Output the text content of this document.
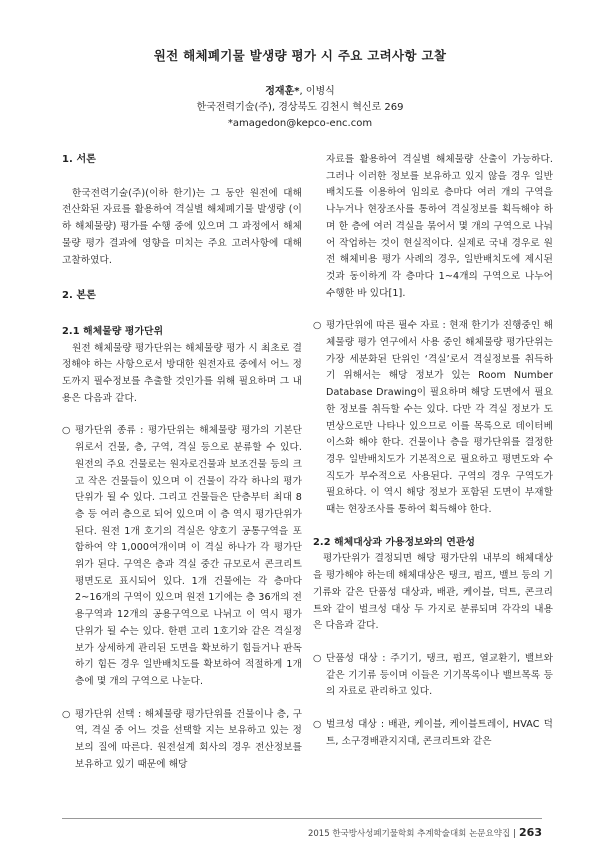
원전 해체폐기물 발생량 평가 시 주요 고려사항 고찰
정재훈*, 이병식
한국전력기술(주), 경상북도 김천시 혁신로 269
*amagedon@kepco-enc.com

1. 서론

한국전력기술(주)(이하 한기)는 그 동안 원전에 대해 전산화된 자료를 활용하여 격실별 해체폐기물 발생량 (이하 해체물량) 평가를 수행 중에 있으며 그 과정에서 해체물량 평가 결과에 영향을 미치는 주요 고려사항에 대해 고찰하였다.

2. 본론

2.1 해체물량 평가단위

원전 해체물량 평가단위는 해체물량 평가 시 최초로 결정해야 하는 사항으로서 방대한 원전자료 중에서 어느 정도까지 필수정보를 추출할 것인가를 위해 필요하며 그 내용은 다음과 같다.

○ 평가단위 종류 : 평가단위는 해체물량 평가의 기본단위로서 건물, 층, 구역, 격실 등으로 분류할 수 있다. 원전의 주요 건물로는 원자로건물과 보조건물 등의 크고 작은 건물들이 있으며 이 건물이 각각 하나의 평가단위가 될 수 있다. 그리고 건물들은 단층부터 최대 8층 등 여러 층으로 되어 있으며 이 층 역시 평가단위가 된다. 원전 1개 호기의 격실은 양호기 공통구역을 포함하여 약 1,000여개이며 이 격실 하나가 각 평가단위가 된다. 구역은 층과 격실 중간 규모로서 콘크리트 평면도로 표시되어 있다. 1개 건물에는 각 층마다 2~16개의 구역이 있으며 원전 1기에는 층 36개의 전용구역과 12개의 공용구역으로 나뉘고 이 역시 평가단위가 될 수는 있다. 한편 고리 1호기와 같은 격실정보가 상세하게 관리된 도면을 확보하기 힘들거나 판독하기 힘든 경우 일반배치도를 확보하여 적절하게 1개 층에 몇 개의 구역으로 나눈다.
○ 평가단위 선택 : 해체물량 평가단위를 건물이나 층, 구역, 격실 중 어느 것을 선택할 지는 보유하고 있는 정보의 질에 따른다. 원전설계 회사의 경우 전산정보를 보유하고 있기 때문에 해당

자료를 활용하여 격실별 해체물량 산출이 가능하다. 그러나 이러한 정보를 보유하고 있지 않을 경우 일반배치도를 이용하여 임의로 층마다 여러 개의 구역을 나누거나 현장조사를 통하여 격실정보를 획득해야 하며 한 층에 여러 격실을 묶어서 몇 개의 구역으로 나눠어 작업하는 것이 현실적이다. 실제로 국내 경우로 원전 해체비용 평가 사례의 경우, 일반배치도에 제시된 것과 동이하게 각 층마다 1~4개의 구역으로 나누어 수행한 바 있다[1].

○ 평가단위에 따른 필수 자료 : 현재 한기가 진행중인 해체물량 평가 연구에서 사용 중인 해체물량 평가단위는 가장 세분화된 단위인 ‘격실’로서 격실정보를 취득하기 위해서는 해당 정보가 있는 Room Number Database Drawing이 필요하며 해당 도면에서 필요한 정보를 취득할 수는 있다. 다만 각 격실 정보가 도면상으로만 나타나 있으므로 이를 목록으로 데이터베이스화 해야 한다. 건물이나 층을 평가단위를 결정한 경우 일반배치도가 기본적으로 필요하고 평면도와 수직도가 부수적으로 사용된다. 구역의 경우 구역도가 필요하다. 이 역시 해당 정보가 포함된 도면이 부재할 때는 현장조사를 통하여 획득해야 한다.

2.2 해체대상과 가용정보와의 연관성

평가단위가 결정되면 해당 평가단위 내부의 해체대상을 평가해야 하는데 해체대상은 탱크, 펌프, 밸브 등의 기기류와 같은 단품성 대상과, 배관, 케이블, 덕트, 콘크리트와 같이 벌크성 대상 두 가지로 분류되며 각각의 내용은 다음과 같다.

○ 단품성 대상 : 주기기, 탱크, 펌프, 열교환기, 밸브와 같은 기기류 등이며 이들은 기기목록이나 밸브목록 등의 자료로 관리하고 있다.
○ 벌크성 대상 : 배관, 케이블, 케이블트레이, HVAC 덕트, 소구경배관지지대, 콘크리트와 같은
2015 한국방사성폐기물학회 추계학술대회 논문요약집 | 263
